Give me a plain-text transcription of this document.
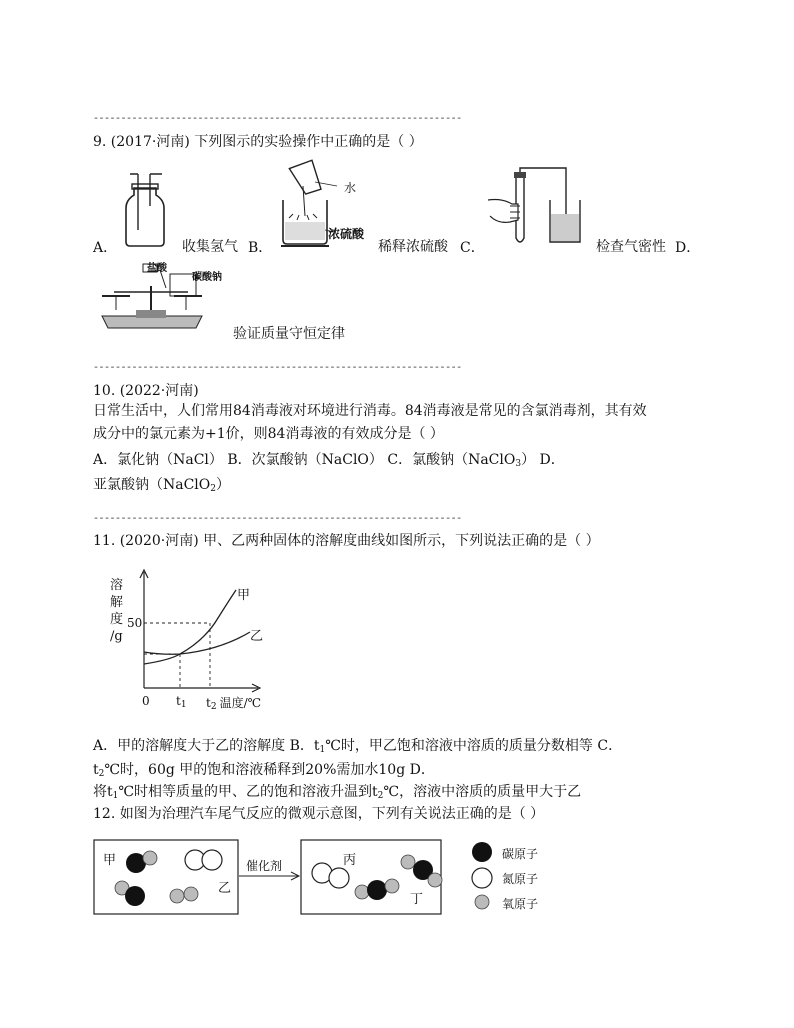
-------------------------------------------------------------------
9. (2017·河南) 下列图示的实验操作中正确的是（ ）
A．	收集氢气 B．
水
浓硫酸
稀释浓硫酸 C．	检查气密性 D．
盐酸
碳酸钠
验证质量守恒定律
-------------------------------------------------------------------
10. (2022·河南)
日常生活中，人们常用84消毒液对环境进行消毒。84消毒液是常见的含氯消毒剂，其有效
成分中的氯元素为+1价，则84消毒液的有效成分是（ ）
A．氯化钠（NaCl） B．次氯酸钠（NaClO） C．氯酸钠（NaClO$_3$） D．
亚氯酸钠（NaClO$_2$）
-------------------------------------------------------------------
11. (2020·河南) 甲、乙两种固体的溶解度曲线如图所示，下列说法正确的是（ ）
溶
解
度
/g
50
0 $t_1$ $t_2$ 温度/℃
甲
乙
A．甲的溶解度大于乙的溶解度 B．$t_1℃$时，甲乙饱和溶液中溶质的质量分数相等 C．
$t_2℃$时，60g 甲的饱和溶液稀释到20%需加水10g D．
将$t_1℃$时相等质量的甲、乙的饱和溶液升温到$t_2℃$，溶液中溶质的质量甲大于乙
12. 如图为治理汽车尾气反应的微观示意图，下列有关说法正确的是（ ）
甲
乙
丙
丁
催化剂
碳原子
氮原子
氧原子
